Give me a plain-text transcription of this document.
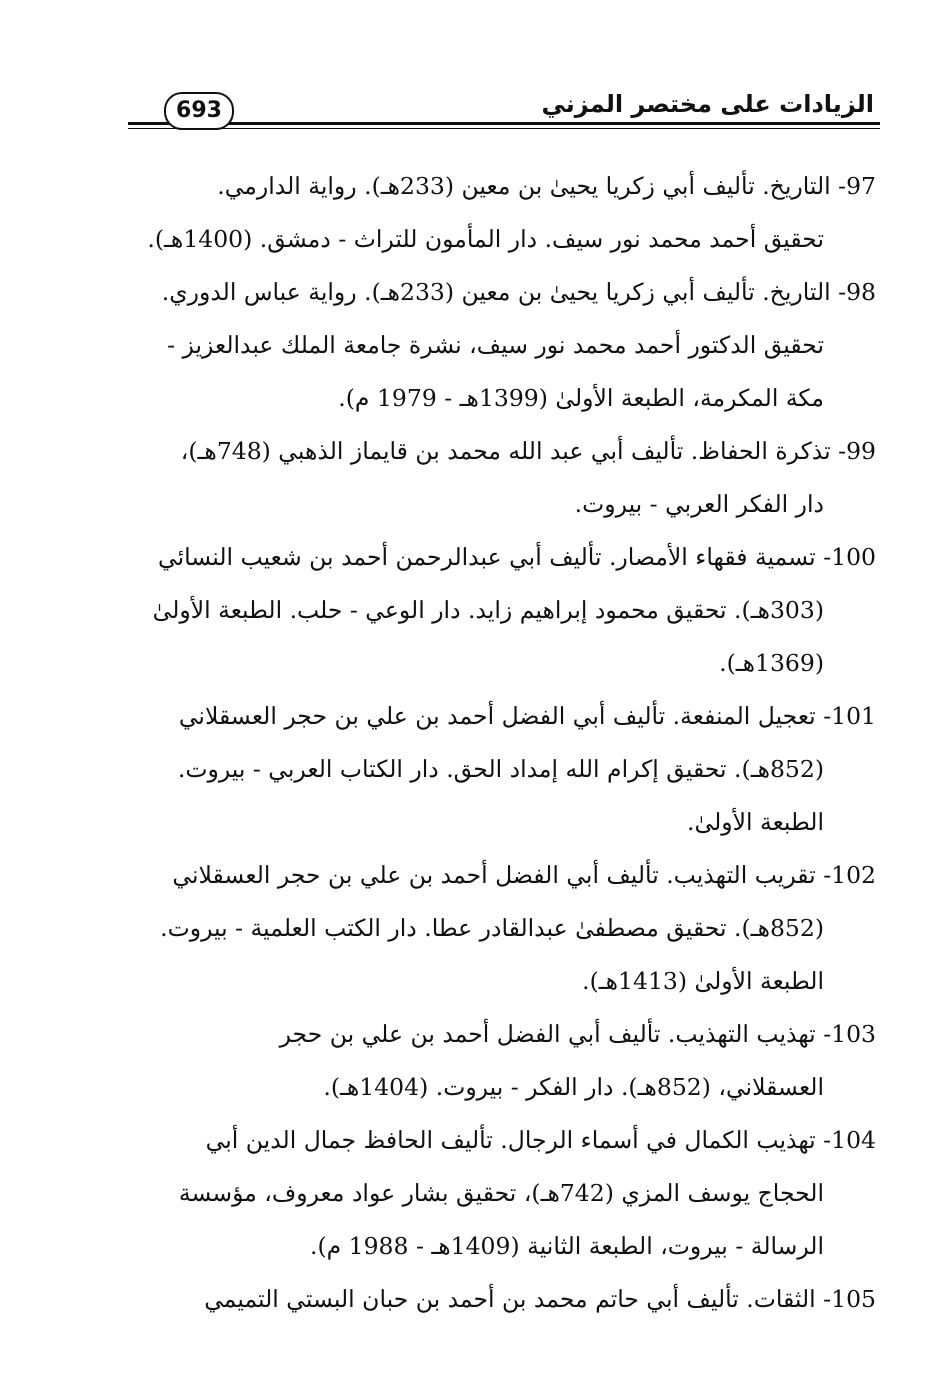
693	الزيادات على مختصر المزني
97- التاريخ. تأليف أبي زكريا يحيىٰ بن معين (233هـ). رواية الدارمي.
تحقيق أحمد محمد نور سيف. دار المأمون للتراث - دمشق. (1400هـ).
98- التاريخ. تأليف أبي زكريا يحيىٰ بن معين (233هـ). رواية عباس الدوري.
تحقيق الدكتور أحمد محمد نور سيف، نشرة جامعة الملك عبدالعزيز -
مكة المكرمة، الطبعة الأولىٰ (1399هـ - 1979 م).
99- تذكرة الحفاظ. تأليف أبي عبد الله محمد بن قايماز الذهبي (748هـ)،
دار الفكر العربي - بيروت.
100- تسمية فقهاء الأمصار. تأليف أبي عبدالرحمن أحمد بن شعيب النسائي
(303هـ). تحقيق محمود إبراهيم زايد. دار الوعي - حلب. الطبعة الأولىٰ
(1369هـ).
101- تعجيل المنفعة. تأليف أبي الفضل أحمد بن علي بن حجر العسقلاني
(852هـ). تحقيق إكرام الله إمداد الحق. دار الكتاب العربي - بيروت.
الطبعة الأولىٰ.
102- تقريب التهذيب. تأليف أبي الفضل أحمد بن علي بن حجر العسقلاني
(852هـ). تحقيق مصطفىٰ عبدالقادر عطا. دار الكتب العلمية - بيروت.
الطبعة الأولىٰ (1413هـ).
103- تهذيب التهذيب. تأليف أبي الفضل أحمد بن علي بن حجر
العسقلاني، (852هـ). دار الفكر - بيروت. (1404هـ).
104- تهذيب الكمال في أسماء الرجال. تأليف الحافظ جمال الدين أبي
الحجاج يوسف المزي (742هـ)، تحقيق بشار عواد معروف، مؤسسة
الرسالة - بيروت، الطبعة الثانية (1409هـ - 1988 م).
105- الثقات. تأليف أبي حاتم محمد بن أحمد بن حبان البستي التميمي
